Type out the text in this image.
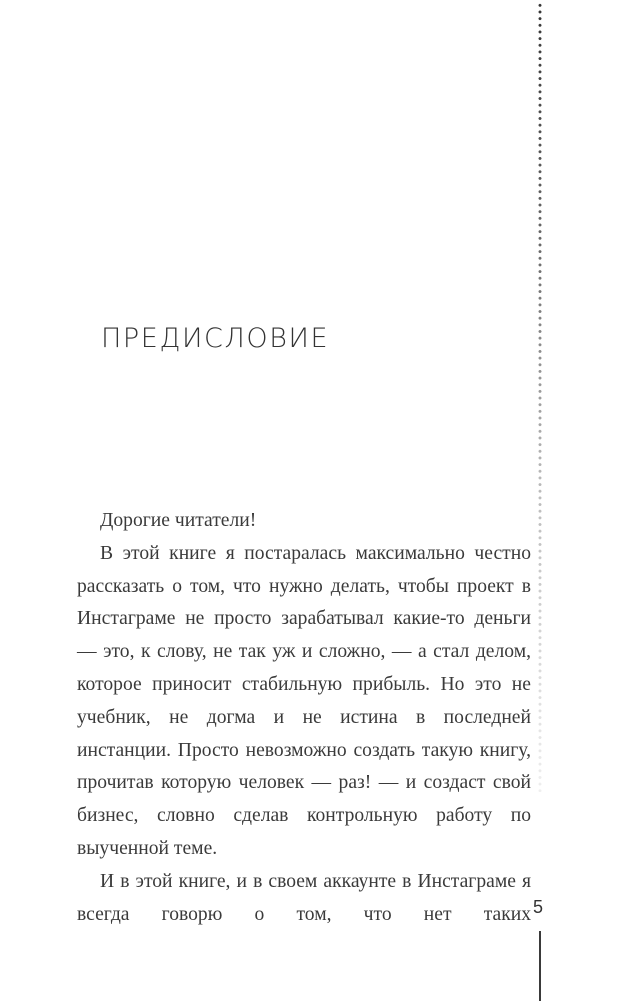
ПРЕДИСЛОВИЕ

Дорогие читатели!

В этой книге я постаралась максимально честно рассказать о том, что нужно делать, чтобы проект в Инстаграме не просто зарабатывал какие-то деньги — это, к слову, не так уж и сложно, — а стал делом, которое приносит стабильную прибыль. Но это не учебник, не догма и не истина в последней инстанции. Просто невозможно создать такую книгу, прочитав которую человек — раз! — и создаст свой бизнес, словно сделав контрольную работу по выученной теме.

И в этой книге, и в своем аккаунте в Инстаграме я всегда говорю о том, что нет таких 5
